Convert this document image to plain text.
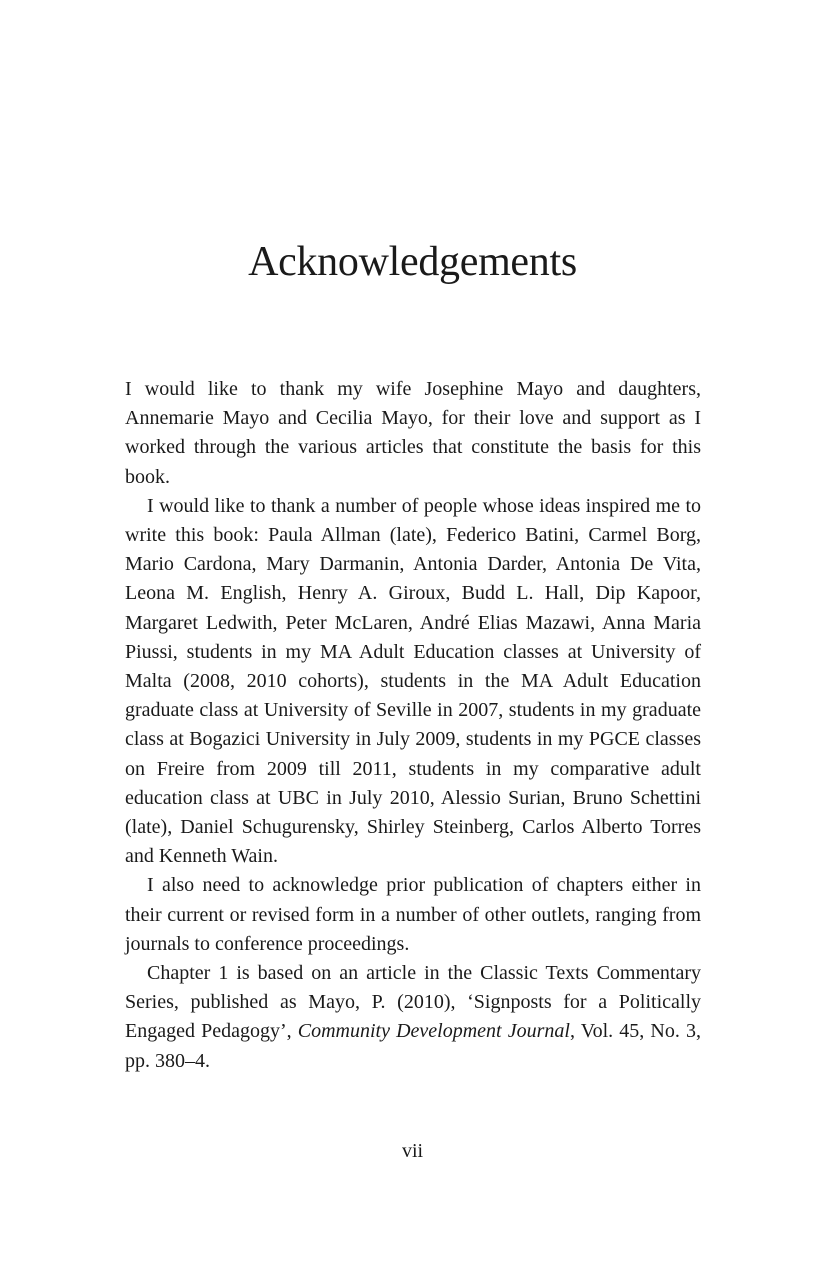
Acknowledgements

I would like to thank my wife Josephine Mayo and daughters, Annemarie Mayo and Cecilia Mayo, for their love and support as I worked through the various articles that constitute the basis for this book.

I would like to thank a number of people whose ideas inspired me to write this book: Paula Allman (late), Federico Batini, Carmel Borg, Mario Cardona, Mary Darmanin, Antonia Darder, Antonia De Vita, Leona M. English, Henry A. Giroux, Budd L. Hall, Dip Kapoor, Margaret Ledwith, Peter McLaren, André Elias Mazawi, Anna Maria Piussi, students in my MA Adult Education classes at University of Malta (2008, 2010 cohorts), students in the MA Adult Education graduate class at University of Seville in 2007, students in my graduate class at Bogazici University in July 2009, students in my PGCE classes on Freire from 2009 till 2011, students in my comparative adult education class at UBC in July 2010, Alessio Surian, Bruno Schettini (late), Daniel Schugurensky, Shirley Steinberg, Carlos Alberto Torres and Kenneth Wain.

I also need to acknowledge prior publication of chapters either in their current or revised form in a number of other outlets, ranging from journals to conference proceedings.

Chapter 1 is based on an article in the Classic Texts Commentary Series, published as Mayo, P. (2010), ‘Signposts for a Politically Engaged Pedagogy’, Community Development Journal, Vol. 45, No. 3, pp. 380–4.

vii
